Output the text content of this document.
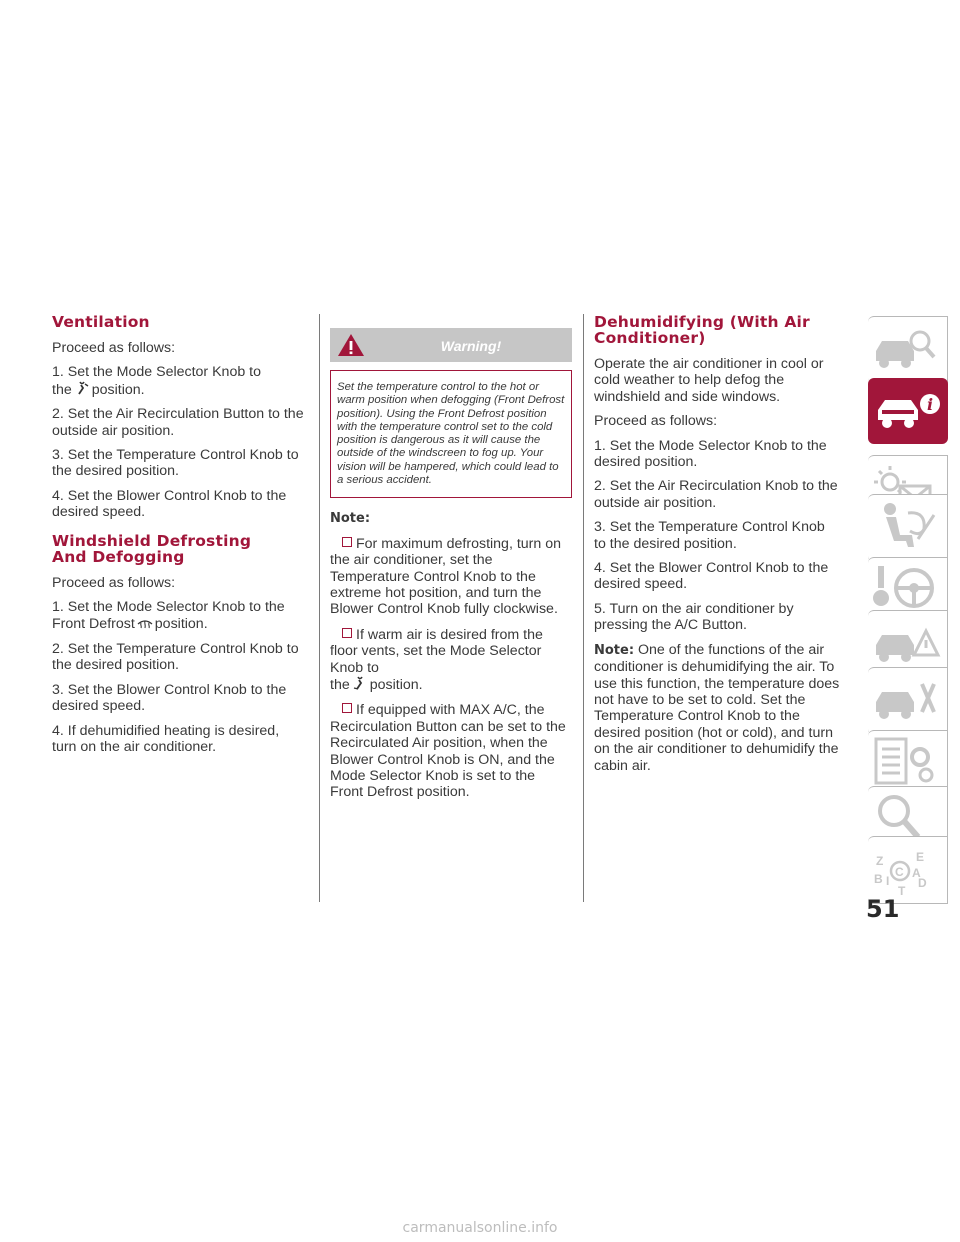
Ventilation

Proceed as follows:

1. Set the Mode Selector Knob to
the position.

2. Set the Air Recirculation Button to the outside air position.

3. Set the Temperature Control Knob to the desired position.

4. Set the Blower Control Knob to the desired speed.

Windshield Defrosting
And Defogging

Proceed as follows:

1. Set the Mode Selector Knob to the
Front Defrost position.

2. Set the Temperature Control Knob to the desired position.

3. Set the Blower Control Knob to the desired speed.

4. If dehumidified heating is desired, turn on the air conditioner.

Warning!
Set the temperature control to the hot or warm position when defogging (Front Defrost position). Using the Front Defrost position with the temperature control set to the cold position is dangerous as it will cause the outside of the windscreen to fog up. Your vision will be hampered, which could lead to a serious accident.

Note:

For maximum defrosting, turn on the air conditioner, set the Temperature Control Knob to the extreme hot position, and turn the Blower Control Knob fully clockwise.

If warm air is desired from the floor vents, set the Mode Selector Knob to
the position.

If equipped with MAX A/C, the Recirculation Button can be set to the Recirculated Air position, when the Blower Control Knob is ON, and the Mode Selector Knob is set to the Front Defrost position.

Dehumidifying (With Air
Conditioner)

Operate the air conditioner in cool or cold weather to help defog the windshield and side windows.

Proceed as follows:

1. Set the Mode Selector Knob to the desired position.

2. Set the Air Recirculation Knob to the outside air position.

3. Set the Temperature Control Knob to the desired position.

4. Set the Blower Control Knob to the desired speed.

5. Turn on the air conditioner by pressing the A/C Button.

Note: One of the functions of the air conditioner is dehumidifying the air. To use this function, the temperature does not have to be set to cold. Set the Temperature Control Knob to the desired position (hot or cold), and turn on the air conditioner to dehumidify the cabin air.

i
Z	E
B A
I
C
D
T
51
carmanualsonline.info
